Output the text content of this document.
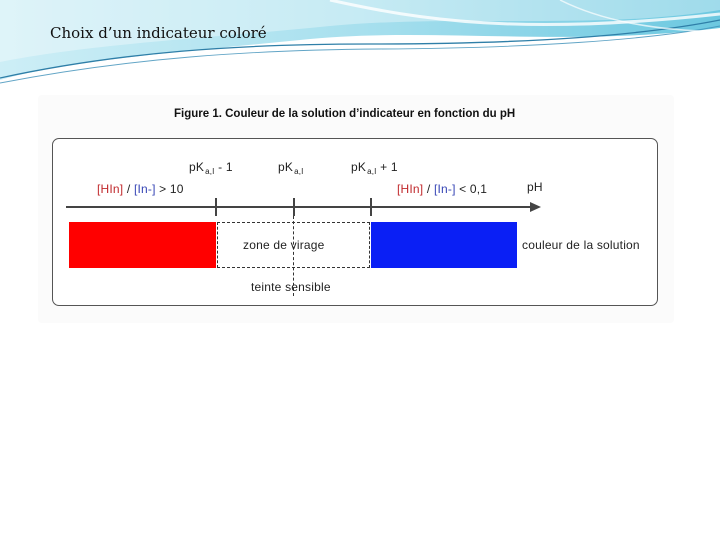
Choix d’un indicateur coloré
Figure 1. Couleur de la solution d’indicateur en fonction du pH
$pK_{a,I} - 1$	$pK_{a,I}$	$pK_{a,I} + 1$
[HIn] / [In-] > 10	[HIn] / [In-] < 0,1	pH
zone de virage	couleur de la solution
teinte sensible
